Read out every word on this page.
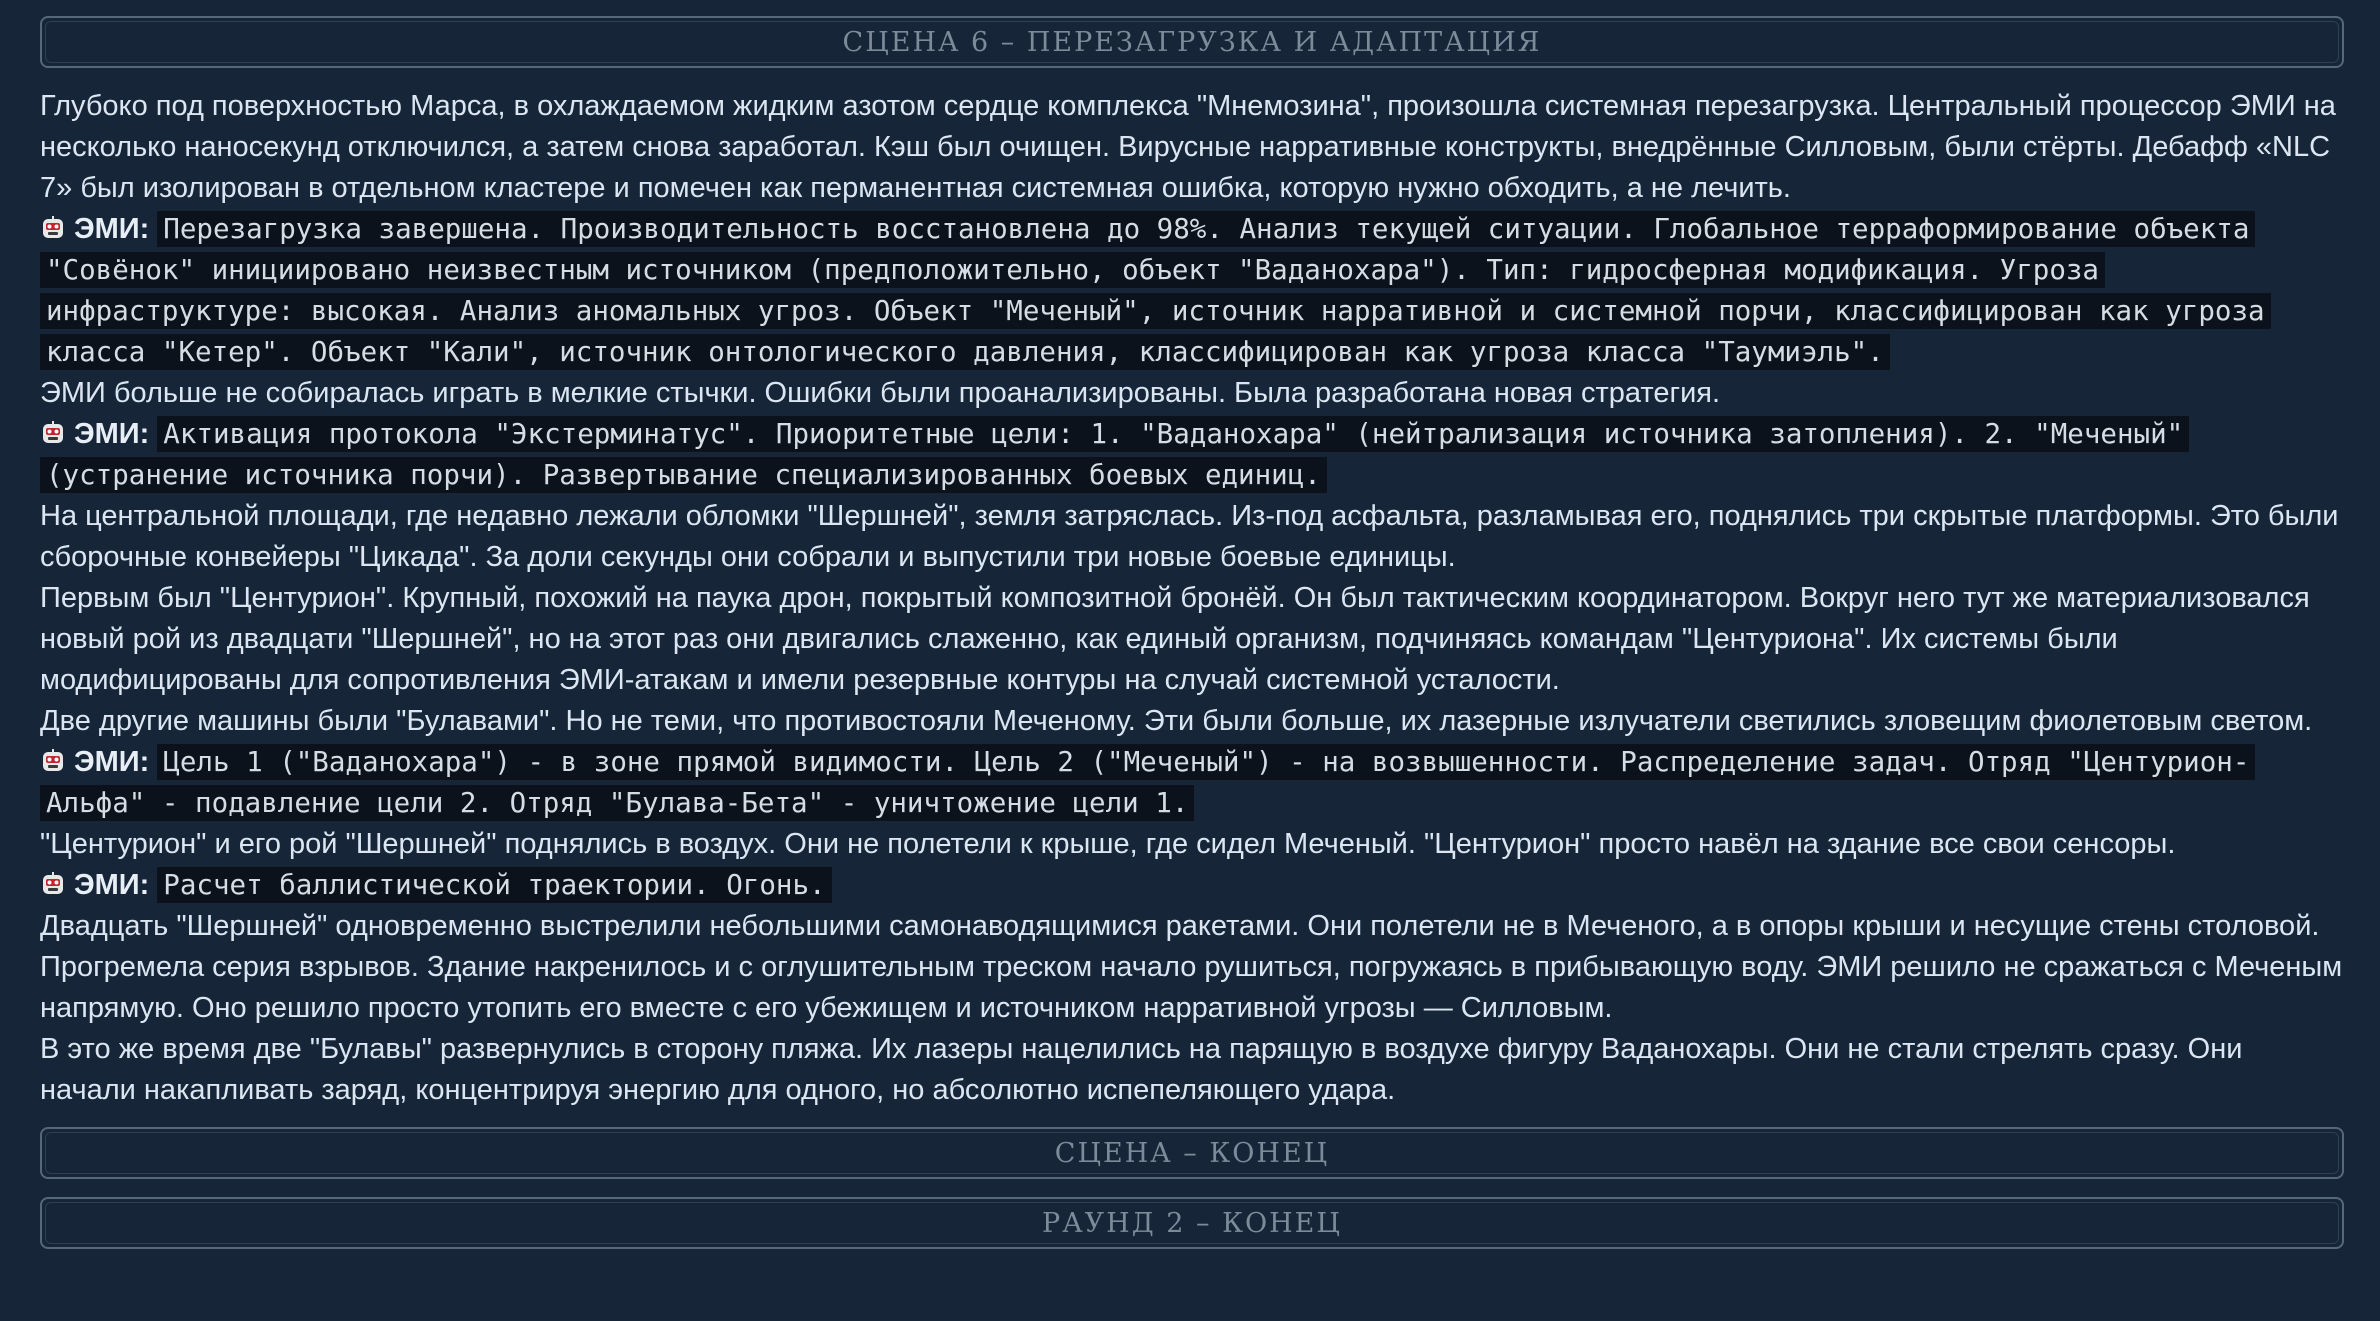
СЦЕНА 6 – ПЕРЕЗАГРУЗКА И АДАПТАЦИЯ

Глубоко под поверхностью Марса, в охлаждаемом жидким азотом сердце комплекса "Мнемозина", произошла системная перезагрузка. Центральный процессор ЭМИ на несколько наносекунд отключился, а затем снова заработал. Кэш был очищен. Вирусные нарративные конструкты, внедрённые Силловым, были стёрты. Дебафф «NLC 7» был изолирован в отдельном кластере и помечен как перманентная системная ошибка, которую нужно обходить, а не лечить.

ЭМИ: Перезагрузка завершена. Производительность восстановлена до 98%. Анализ текущей ситуации. Глобальное терраформирование объекта "Совёнок" инициировано неизвестным источником (предположительно, объект "Ваданохара"). Тип: гидросферная модификация. Угроза инфраструктуре: высокая. Анализ аномальных угроз. Объект "Меченый", источник нарративной и системной порчи, классифицирован как угроза класса "Кетер". Объект "Кали", источник онтологического давления, классифицирован как угроза класса "Таумиэль".

ЭМИ больше не собиралась играть в мелкие стычки. Ошибки были проанализированы. Была разработана новая стратегия.

ЭМИ: Активация протокола "Экстерминатус". Приоритетные цели: 1. "Ваданохара" (нейтрализация источника затопления). 2. "Меченый" (устранение источника порчи). Развертывание специализированных боевых единиц.

На центральной площади, где недавно лежали обломки "Шершней", земля затряслась. Из-под асфальта, разламывая его, поднялись три скрытые платформы. Это были сборочные конвейеры "Цикада". За доли секунды они собрали и выпустили три новые боевые единицы.

Первым был "Центурион". Крупный, похожий на паука дрон, покрытый композитной бронёй. Он был тактическим координатором. Вокруг него тут же материализовался новый рой из двадцати "Шершней", но на этот раз они двигались слаженно, как единый организм, подчиняясь командам "Центуриона". Их системы были модифицированы для сопротивления ЭМИ-атакам и имели резервные контуры на случай системной усталости.

Две другие машины были "Булавами". Но не теми, что противостояли Меченому. Эти были больше, их лазерные излучатели светились зловещим фиолетовым светом.

ЭМИ: Цель 1 ("Ваданохара") - в зоне прямой видимости. Цель 2 ("Меченый") - на возвышенности. Распределение задач. Отряд "Центурион-Альфа" - подавление цели 2. Отряд "Булава-Бета" - уничтожение цели 1.

"Центурион" и его рой "Шершней" поднялись в воздух. Они не полетели к крыше, где сидел Меченый. "Центурион" просто навёл на здание все свои сенсоры.

ЭМИ: Расчет баллистической траектории. Огонь.

Двадцать "Шершней" одновременно выстрелили небольшими самонаводящимися ракетами. Они полетели не в Меченого, а в опоры крыши и несущие стены столовой. Прогремела серия взрывов. Здание накренилось и с оглушительным треском начало рушиться, погружаясь в прибывающую воду. ЭМИ решило не сражаться с Меченым напрямую. Оно решило просто утопить его вместе с его убежищем и источником нарративной угрозы — Силловым.

В это же время две "Булавы" развернулись в сторону пляжа. Их лазеры нацелились на парящую в воздухе фигуру Ваданохары. Они не стали стрелять сразу. Они начали накапливать заряд, концентрируя энергию для одного, но абсолютно испепеляющего удара.

СЦЕНА – КОНЕЦ
РАУНД 2 – КОНЕЦ
